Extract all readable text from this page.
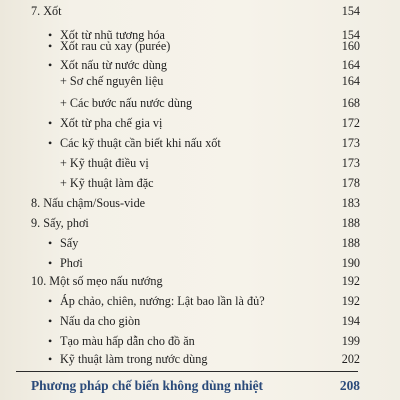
7. Xốt	154
• Xốt từ nhũ tương hóa	154
• Xốt rau củ xay (purée)	160
• Xốt nấu từ nước dùng	164
+ Sơ chế nguyên liệu	164
+ Các bước nấu nước dùng	168
• Xốt từ pha chế gia vị	172
• Các kỹ thuật cần biết khi nấu xốt	173
+ Kỹ thuật điều vị	173
+ Kỹ thuật làm đặc	178
8. Nấu chậm/Sous-vide	183
9. Sấy, phơi	188
• Sấy	188
• Phơi	190
10. Một số mẹo nấu nướng	192
• Áp chảo, chiên, nướng: Lật bao lần là đủ?	192
• Nấu da cho giòn	194
• Tạo màu hấp dẫn cho đồ ăn	199
• Kỹ thuật làm trong nước dùng	202
Phương pháp chế biến không dùng nhiệt	208
